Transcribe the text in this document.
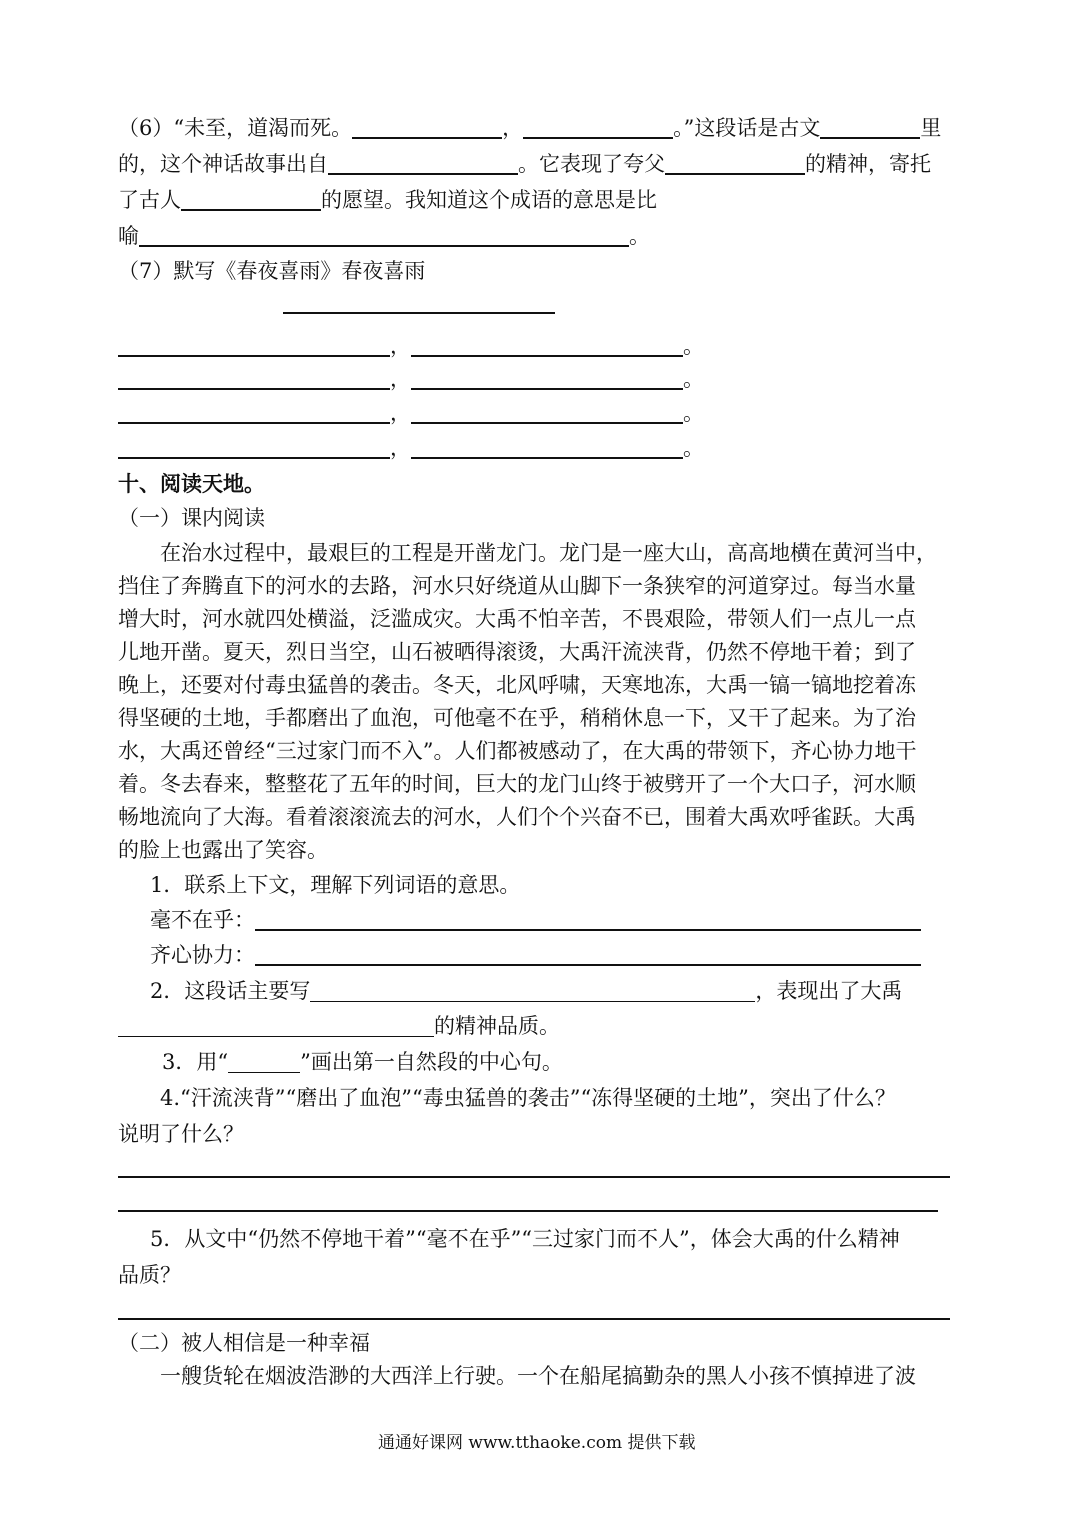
（6）“未至，道渴而死。	，	。”这段话是古文	里
的，这个神话故事出自	。它表现了夸父	的精神，寄托
了古人	的愿望。我知道这个成语的意思是比
喻	。
（7）默写《春夜喜雨》春夜喜雨
，	。
，	。
，	。
，	。
十、阅读天地。
（一）课内阅读
在治水过程中，最艰巨的工程是开凿龙门。龙门是一座大山，高高地横在黄河当中，
挡住了奔腾直下的河水的去路，河水只好绕道从山脚下一条狭窄的河道穿过。每当水量
增大时，河水就四处横溢，泛滥成灾。大禹不怕辛苦，不畏艰险，带领人们一点儿一点
儿地开凿。夏天，烈日当空，山石被晒得滚烫，大禹汗流浃背，仍然不停地干着；到了
晚上，还要对付毒虫猛兽的袭击。冬天，北风呼啸，天寒地冻，大禹一镐一镐地挖着冻
得坚硬的土地，手都磨出了血泡，可他毫不在乎，稍稍休息一下，又干了起来。为了治
水，大禹还曾经“三过家门而不入”。人们都被感动了，在大禹的带领下，齐心协力地干
着。冬去春来，整整花了五年的时间，巨大的龙门山终于被劈开了一个大口子，河水顺
畅地流向了大海。看着滚滚流去的河水，人们个个兴奋不已，围着大禹欢呼雀跃。大禹
的脸上也露出了笑容。
1．联系上下文，理解下列词语的意思。
毫不在乎：
齐心协力：
2．这段话主要写	，表现出了大禹
的精神品质。
3．用“	”画出第一自然段的中心句。
4.“汗流浃背”“磨出了血泡”“毒虫猛兽的袭击”“冻得坚硬的土地”，突出了什么？
说明了什么？
5．从文中“仍然不停地干着”“毫不在乎”“三过家门而不人”，体会大禹的什么精神
品质？
（二）被人相信是一种幸福
一艘货轮在烟波浩渺的大西洋上行驶。一个在船尾搞勤杂的黑人小孩不慎掉进了波
通通好课网 www.tthaoke.com 提供下载
